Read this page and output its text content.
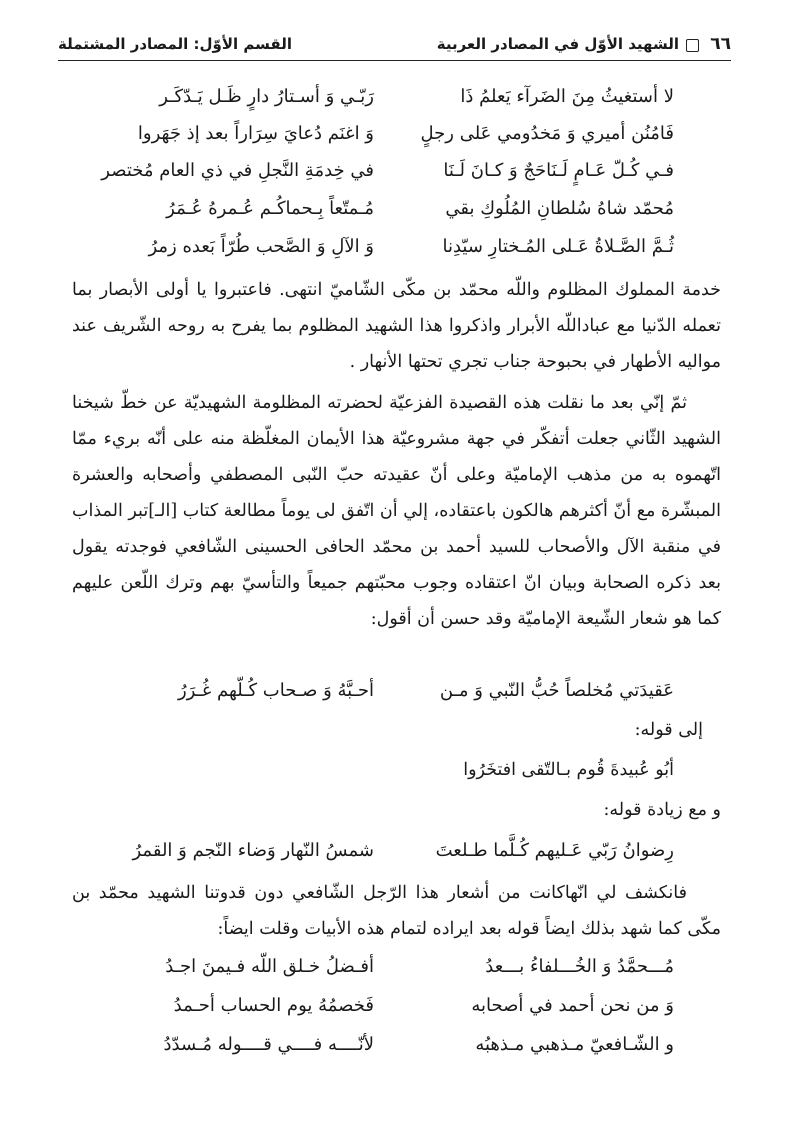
٦٦
الشهيد الأوّل في المصادر العربية
القسم الأوّل: المصادر المشتملة
لا أستغيثُ مِنَ الضَرآء يَعلمُ ذَا
رَبّـي وَ أسـتارُ دارٍ ظَـل يَـدّكَـر
فَامُنُن أميري وَ مَخدُومي عَلى رجلٍ
وَ اغنَم دُعايَ سِرَاراً بعد إذ جَهَروا
فـي كُـلّ عَـامٍ لَـنَاحَجٌ وَ كـانَ لَـنَا
في خِدمَةِ النَّجلِ في ذي العام مُختصر
مُحمّد شاهُ سُلطانِ المُلُوكِ بقي
مُـمتّعاً بِـحماكُـم عُـمرهُ عُـمَرُ
ثُـمَّ الصَّـلاةُ عَـلى المُـختارِ سيّدِنا
وَ الآلِ وَ الصَّحب طُرّاً بَعده زمرُ
خدمة المملوك المظلوم واللّه محمّد بن مكّى الشّاميّ انتهى. فاعتبروا يا أولى الأبصار بما تعمله الدّنيا مع عباداللّه الأبرار واذكروا هذا الشهيد المظلوم بما يفرح به روحه الشّريف عند مواليه الأطهار في بحبوحة جناب تجري تحتها الأنهار .
ثمّ إنّي بعد ما نقلت هذه القصيدة الفزعيّة لحضرته المظلومة الشهيديّة عن خطّ شيخنا الشهيد الثّاني جعلت أتفكّر في جهة مشروعيّة هذا الأيمان المغلّظة منه على أنّه بريء ممّا اتّهموه به من مذهب الإماميّة وعلى أنّ عقيدته حبّ النّبى المصطفي وأصحابه والعشرة المبشّرة مع أنّ أكثرهم هالكون باعتقاده، إلي أن اتّفق لى يوماً مطالعة كتاب [الـ]تبر المذاب في منقبة الآل والأصحاب للسيد أحمد بن محمّد الحافى الحسينى الشّافعي فوجدته يقول بعد ذكره الصحابة وبيان انّ اعتقاده وجوب محبّتهم جميعاً والتأسيّ بهم وترك اللّعن عليهم كما هو شعار الشّيعة الإماميّة وقد حسن أن أقول:
عَقيدَتي مُخلصاً حُبُّ النّبي وَ مـن
أحـبَّهُ وَ صـحاب كُـلّهم غُـرَرُ
إلى قوله:
أبُو عُبيدةَ قُوم بـالتّقى افتخَرُوا
و مع زيادة قوله:
رِضوانُ رَبّي عَـليهم كُـلَّما طـلعتَ
شمسُ النّهار وَضاء النّجم وَ القمرُ
فانكشف لي انّهاكانت من أشعار هذا الرّجل الشّافعي دون قدوتنا الشهيد محمّد بن مكّى كما شهد بذلك ايضاً قوله بعد ايراده لتمام هذه الأبيات وقلت ايضاً:
مُـــحمَّدُ وَ الخُـــلفاءُ بـــعدُ
أفـضلُ خـلق اللّه فـيمنَ اجـدُ
وَ من نحن أحمد في أصحابه
فَخصمُهُ يوم الحساب أحـمدُ
و الشّـافعيّ مـذهبي مـذهبُه
لأنّــــه فــــي قــــوله مُـسدّدُ
